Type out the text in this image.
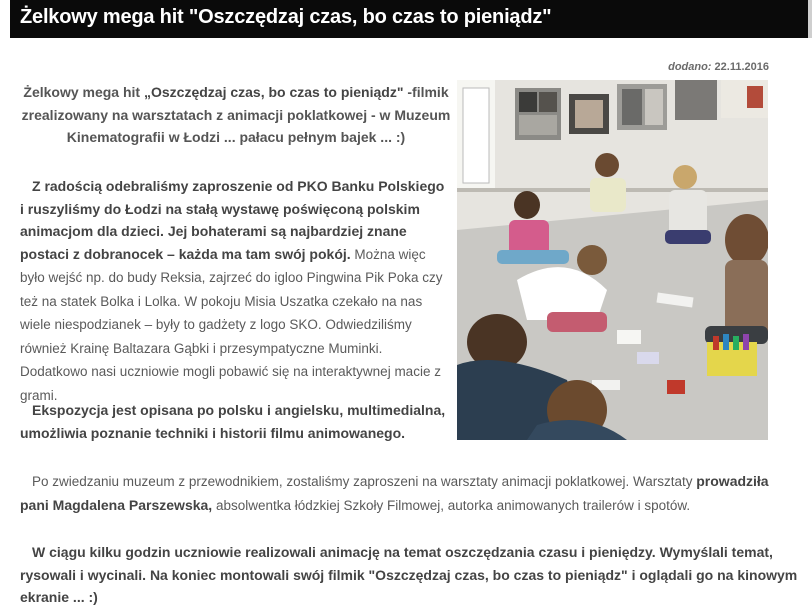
Żelkowy mega hit "Oszczędzaj czas, bo czas to pieniądz"
dodano: 22.11.2016

Żelkowy mega hit „Oszczędzaj czas, bo czas to pieniądz" -filmik zrealizowany na warsztatach z animacji poklatkowej - w Muzeum Kinematografii w Łodzi ... pałacu pełnym bajek ... :)

Z radością odebraliśmy zaproszenie od PKO Banku Polskiego i ruszyliśmy do Łodzi na stałą wystawę poświęconą polskim animacjom dla dzieci. Jej bohaterami są najbardziej znane postaci z dobranocek – każda ma tam swój pokój. Można więc było wejść np. do budy Reksia, zajrzeć do igloo Pingwina Pik Poka czy też na statek Bolka i Lolka. W pokoju Misia Uszatka czekało na nas wiele niespodzianek – były to gadżety z logo SKO. Odwiedziliśmy również Krainę Baltazara Gąbki i przesympatyczne Muminki. Dodatkowo nasi uczniowie mogli pobawić się na interaktywnej macie z grami.

Ekspozycja jest opisana po polsku i angielsku, multimedialna, umożliwia poznanie techniki i historii filmu animowanego.

Po zwiedzaniu muzeum z przewodnikiem, zostaliśmy zaproszeni na warsztaty animacji poklatkowej. Warsztaty prowadziła pani Magdalena Parszewska, absolwentka łódzkiej Szkoły Filmowej, autorka animowanych trailerów i spotów.

W ciągu kilku godzin uczniowie realizowali animację na temat oszczędzania czasu i pieniędzy. Wymyślali temat, rysowali i wycinali. Na koniec montowali swój filmik "Oszczędzaj czas, bo czas to pieniądz" i oglądali go na kinowym ekranie ... :)
